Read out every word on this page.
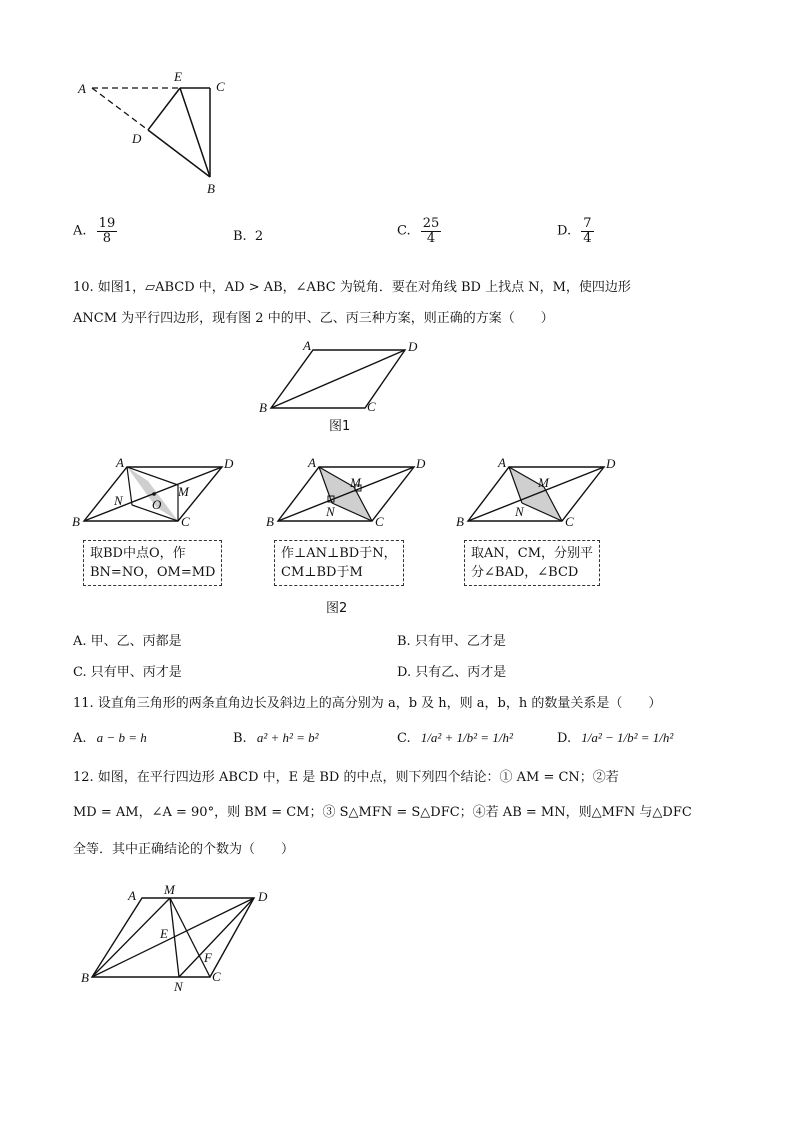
A
E
C
D
B
A. $\frac{19}{8}$	B. 2	C. $\frac{25}{4}$	D. $\frac{7}{4}$
10. 如图1，▱ABCD 中，AD > AB，∠ABC 为锐角．要在对角线 BD 上找点 N，M，使四边形
ANCM 为平行四边形，现有图 2 中的甲、乙、丙三种方案，则正确的方案（　　）
A	D
B	C
图1
A	D
B	C
N
M
O
取BD中点O，作
BN=NO，OM=MD
A	D
B	C
N
M
作⊥AN⊥BD于N，
CM⊥BD于M
A	D
B	C
N
M
取AN，CM，分别平
分∠BAD，∠BCD
图2
A. 甲、乙、丙都是	B. 只有甲、乙才是
C. 只有甲、丙才是	D. 只有乙、丙才是
11. 设直角三角形的两条直角边长及斜边上的高分别为 a，b 及 h，则 a，b，h 的数量关系是（　　）
A. a − b = h	B. a² + h² = b²	C. 1/a² + 1/b² = 1/h²	D. 1/a² − 1/b² = 1/h²
12. 如图，在平行四边形 ABCD 中，E 是 BD 的中点，则下列四个结论：① AM = CN；②若
MD = AM，∠A = 90°，则 BM = CM；③ S△MFN = S△DFC；④若 AB = MN，则△MFN 与△DFC
全等．其中正确结论的个数为（　　）
A M	D
E
F
B
N
C
